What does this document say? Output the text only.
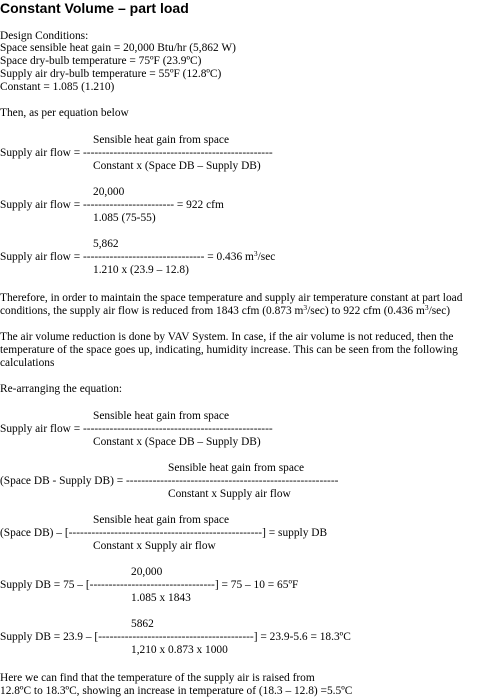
Constant Volume – part load
Design Conditions:
Space sensible heat gain = 20,000 Btu/hr (5,862 W)
Space dry-bulb temperature = 75ºF (23.9ºC)
Supply air dry-bulb temperature = 55ºF (12.8ºC)
Constant = 1.085 (1.210)
Then, as per equation below
Sensible heat gain from space
Supply air flow = --------------------------------------------------
Constant x (Space DB – Supply DB)
20,000
Supply air flow = ------------------------ = 922 cfm
1.085 (75-55)
5,862
Supply air flow = -------------------------------- = 0.436 $m^3/\sec$
1.210 x (23.9 – 12.8)
Therefore, in order to maintain the space temperature and supply air temperature constant at part load
conditions, the supply air flow is reduced from 1843 cfm (0.873 $m^3/\sec$) to 922 cfm (0.436 $m^3/\sec$)
The air volume reduction is done by VAV System. In case, if the air volume is not reduced, then the
temperature of the space goes up, indicating, humidity increase. This can be seen from the following
calculations
Re-arranging the equation:
Sensible heat gain from space
Supply air flow = --------------------------------------------------
Constant x (Space DB – Supply DB)
Sensible heat gain from space
(Space DB - Supply DB) = --------------------------------------------------------
Constant x Supply air flow
Sensible heat gain from space
(Space DB) – [---------------------------------------------------] = supply DB
Constant x Supply air flow
20,000
Supply DB = 75 – [---------------------------------] = 75 – 10 = 65ºF
1.085 x 1843
5862
Supply DB = 23.9 – [-----------------------------------------] = 23.9-5.6 = 18.3ºC
1,210 x 0.873 x 1000
Here we can find that the temperature of the supply air is raised from
12.8ºC to 18.3ºC, showing an increase in temperature of (18.3 – 12.8) =5.5ºC
